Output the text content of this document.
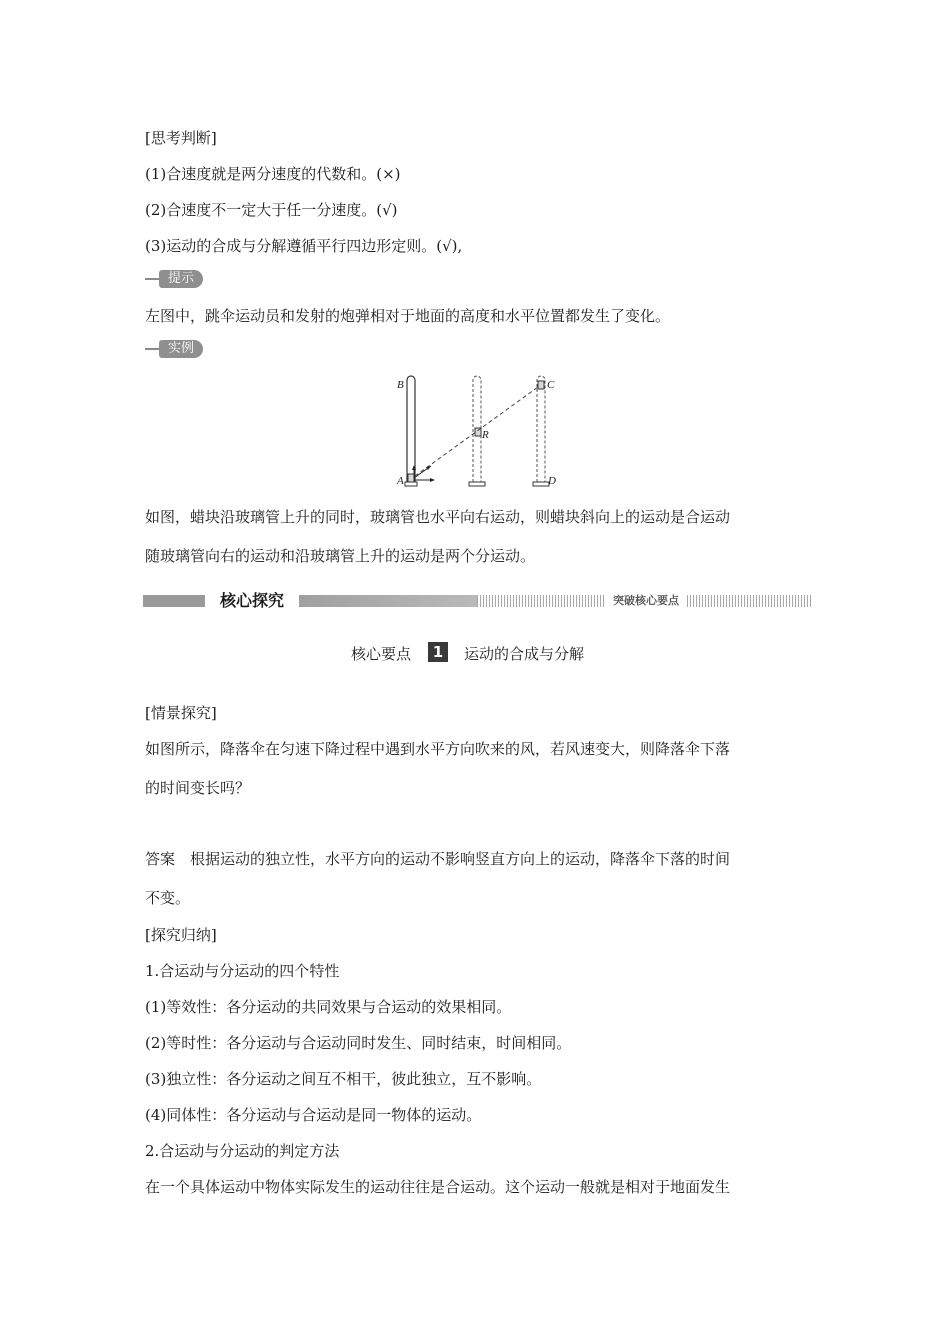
[思考判断]
(1)合速度就是两分速度的代数和。(×)
(2)合速度不一定大于任一分速度。(√)
(3)运动的合成与分解遵循平行四边形定则。(√),
提示
左图中，跳伞运动员和发射的炮弹相对于地面的高度和水平位置都发生了变化。
实例
B	C
R
A	D
如图，蜡块沿玻璃管上升的同时，玻璃管也水平向右运动，则蜡块斜向上的运动是合运动
随玻璃管向右的运动和沿玻璃管上升的运动是两个分运动。
核心探究	突破核心要点
核心要点	1	运动的合成与分解
[情景探究]
如图所示，降落伞在匀速下降过程中遇到水平方向吹来的风，若风速变大，则降落伞下落
的时间变长吗？
答案　根据运动的独立性，水平方向的运动不影响竖直方向上的运动，降落伞下落的时间
不变。
[探究归纳]
1.合运动与分运动的四个特性
(1)等效性：各分运动的共同效果与合运动的效果相同。
(2)等时性：各分运动与合运动同时发生、同时结束，时间相同。
(3)独立性：各分运动之间互不相干，彼此独立，互不影响。
(4)同体性：各分运动与合运动是同一物体的运动。
2.合运动与分运动的判定方法
在一个具体运动中物体实际发生的运动往往是合运动。这个运动一般就是相对于地面发生
